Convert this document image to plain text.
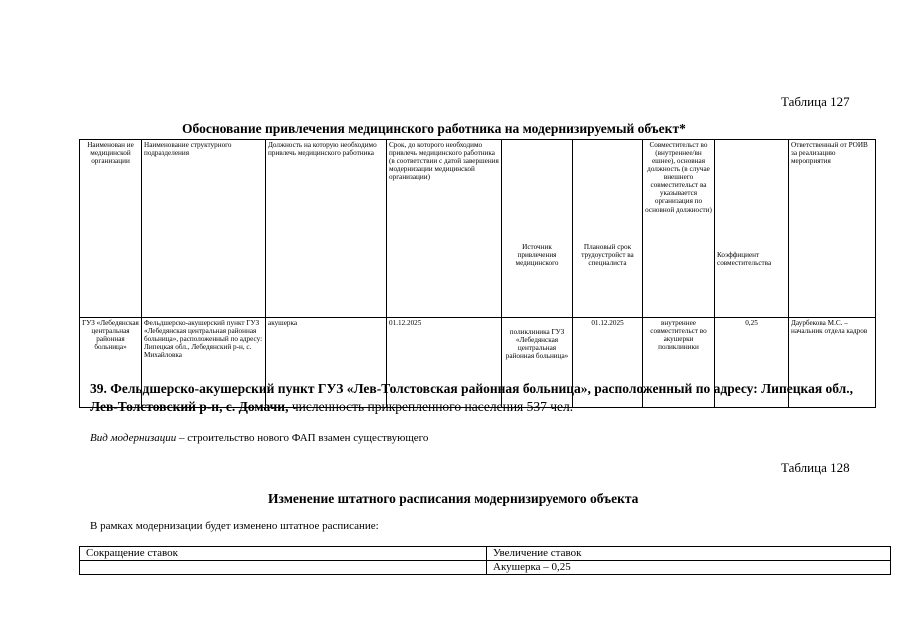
Таблица 127
Обоснование привлечения медицинского работника на модернизируемый объект*
Наименован ие медицинской организации	Наименование структурного подразделения	Должность на которую необходимо привлечь медицинского работника	Срок, до которого необходимо привлечь медицинского работника (в соответствии с датой завершения модернизации медицинской организации)	Источник привлечения медицинского	Плановый срок трудоустройст ва специалиста	Совместительст во (внутреннее/вн ешнее), основная должность (в случае внешнего совместительст ва указывается организация по основной должности)	Коэффициент совместительства	Ответственный от РОИВ за реализацию мероприятия
ГУЗ «Лебедянская центральная районная больница»	Фельдшерско-акушерский пункт ГУЗ «Лебедянская центральная районная больница», расположенный по адресу: Липецкая обл., Лебедянский р-н, с. Михайловка	акушерка	01.12.2025	поликлиника ГУЗ «Лебедянская центральная районная больница»	01.12.2025	внутреннее совместительст во акушерки поликлиники	0,25	Даурбекова М.С. – начальник отдела кадров
39. Фельдшерско-акушерский пункт ГУЗ «Лев-Толстовская районная больница», расположенный по адресу: Липецкая обл., Лев-Толстовский р-н, с. Домачи, численность прикрепленного населения 537 чел.
Вид модернизации – строительство нового ФАП взамен существующего
Таблица 128
Изменение штатного расписания модернизируемого объекта
В рамках модернизации будет изменено штатное расписание:
Сокращение ставок	Увеличение ставок
	Акушерка – 0,25
